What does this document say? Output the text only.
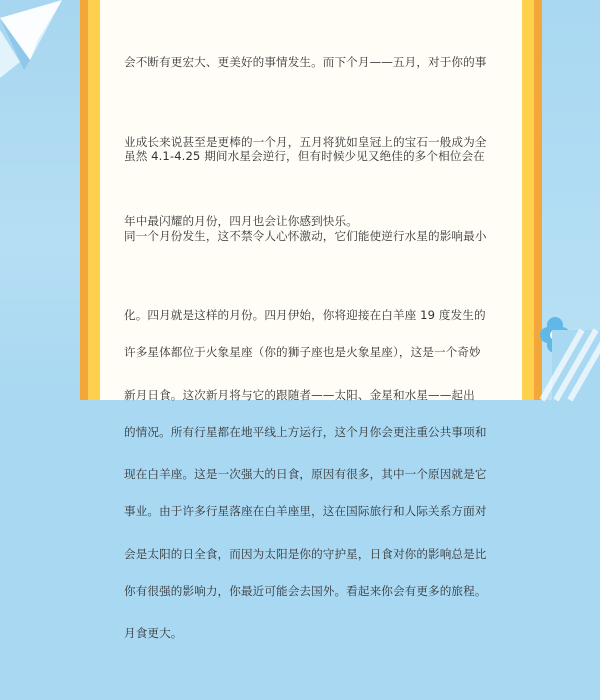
会不断有更宏大、更美好的事情发生。而下个月——五月，对于你的事

业成长来说甚至是更棒的一个月，五月将犹如皇冠上的宝石一般成为全

年中最闪耀的月份，四月也会让你感到快乐。

虽然 4.1-4.25 期间水星会逆行，但有时候少见又绝佳的多个相位会在

同一个月份发生，这不禁令人心怀激动，它们能使逆行水星的影响最小

化。四月就是这样的月份。四月伊始，你将迎接在白羊座 19 度发生的

新月日食。这次新月将与它的跟随者——太阳、金星和水星——起出

现在白羊座。这是一次强大的日食，原因有很多，其中一个原因就是它

会是太阳的日全食，而因为太阳是你的守护星，日食对你的影响总是比

月食更大。

许多星体都位于火象星座（你的狮子座也是火象星座），这是一个奇妙

的情况。所有行星都在地平线上方运行，这个月你会更注重公共事项和

事业。由于许多行星落座在白羊座里，这在国际旅行和人际关系方面对

你有很强的影响力，你最近可能会去国外。看起来你会有更多的旅程。
